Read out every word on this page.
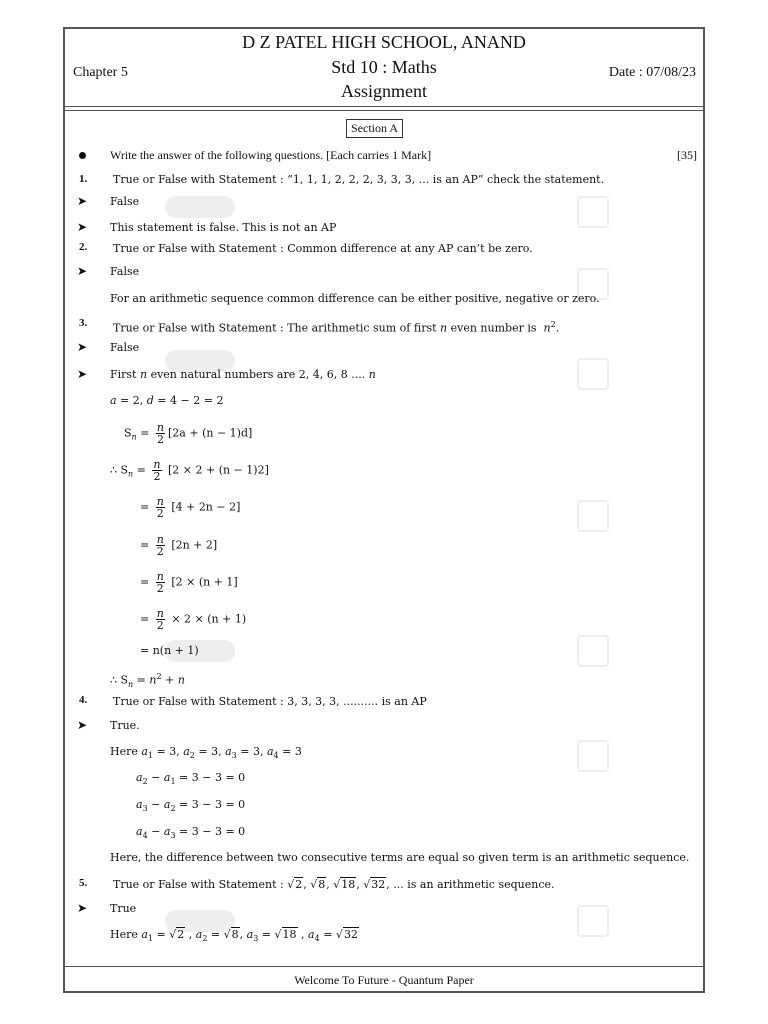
D Z PATEL HIGH SCHOOL, ANAND
Std 10 : Maths
Assignment
Chapter 5	Date : 07/08/23
Section A
Write the answer of the following questions. [Each carries 1 Mark]	[35]
1. True or False with Statement : “1, 1, 1, 2, 2, 2, 3, 3, 3, ... is an AP” check the statement.
➤ False
➤ This statement is false. This is not an AP
2. True or False with Statement : Common difference at any AP can’t be zero.
➤ False
For an arithmetic sequence common difference can be either positive, negative or zero.
3. True or False with Statement : The arithmetic sum of first n even number is $n^2$.
➤ False
➤ First n even natural numbers are 2, 4, 6, 8 .... n
a = 2, d = 4 − 2 = 2
$S_n = \frac{n}{2} [2a + (n - 1)d]$
∴ $S_n = \frac{n}{2} [2 \times 2 + (n - 1)2]$
= $\frac{n}{2} [4 + 2n - 2]$
= $\frac{n}{2} [2n + 2]$
= $\frac{n}{2} [2 \times (n + 1]$
= $\frac{n}{2} \times 2 \times (n + 1)$
= n(n + 1)
∴ $S_n = n^2 + n$
4. True or False with Statement : 3, 3, 3, 3, .......... is an AP
➤ True.
Here $a_1 = 3$, $a_2 = 3$, $a_3 = 3$, $a_4 = 3$
$a_2 - a_1 = 3 - 3 = 0$
$a_3 - a_2 = 3 - 3 = 0$
$a_4 - a_3 = 3 - 3 = 0$
Here, the difference between two consecutive terms are equal so given term is an arithmetic sequence.
5. True or False with Statement : √2, √8, √18, √32, ... is an arithmetic sequence.
➤ True
Here $a_1 = √2$ , $a_2 = √8$, $a_3 = √18$ , $a_4 = √32$
Welcome To Future - Quantum Paper
